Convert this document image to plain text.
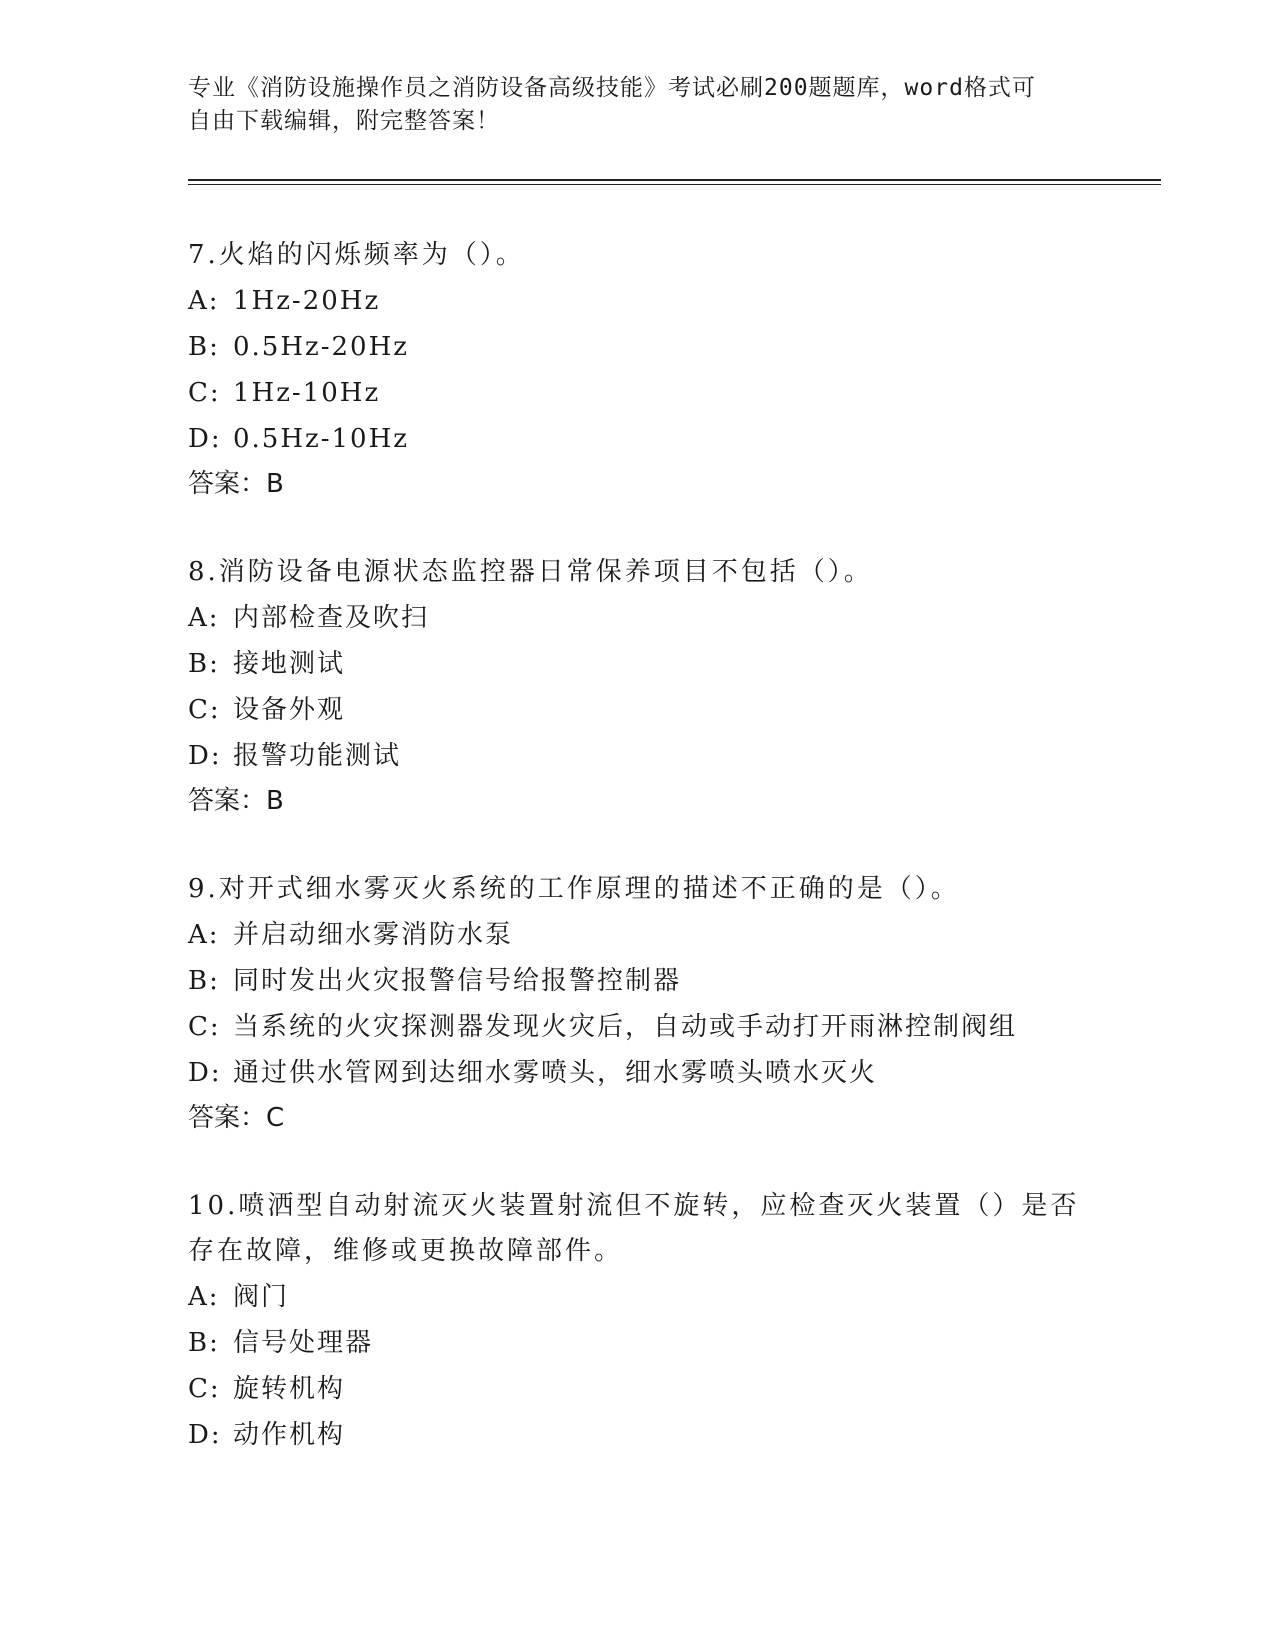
专业《消防设施操作员之消防设备高级技能》考试必刷200题题库，word格式可
自由下载编辑，附完整答案！

7.火焰的闪烁频率为（）。

A: 1Hz-20Hz

B: 0.5Hz-20Hz

C: 1Hz-10Hz

D: 0.5Hz-10Hz

答案：B

8.消防设备电源状态监控器日常保养项目不包括（）。

A: 内部检查及吹扫

B: 接地测试

C: 设备外观

D: 报警功能测试

答案：B

9.对开式细水雾灭火系统的工作原理的描述不正确的是（）。

A: 并启动细水雾消防水泵

B: 同时发出火灾报警信号给报警控制器

C: 当系统的火灾探测器发现火灾后，自动或手动打开雨淋控制阀组

D: 通过供水管网到达细水雾喷头，细水雾喷头喷水灭火

答案：C

10.喷洒型自动射流灭火装置射流但不旋转，应检查灭火装置（）是否
存在故障，维修或更换故障部件。

A: 阀门

B: 信号处理器

C: 旋转机构

D: 动作机构
